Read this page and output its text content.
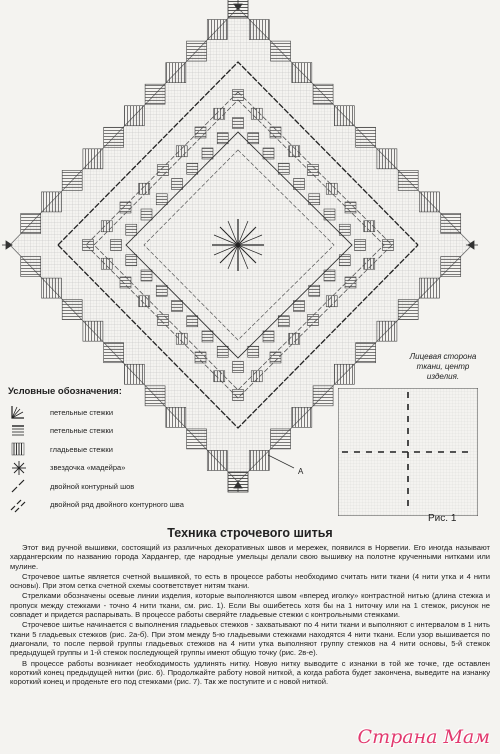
А
Условные обозначения:
петельные стежки
петельные стежки
гладьевые стежки
звездочка «мадейра»
двойной контурный шов
двойной ряд двойного контурного шва
Лицевая сторона ткани, центр изделия.
Рис. 1
Техника строчевого шитья

Этот вид ручной вышивки, состоящий из различных декоративных швов и мережек, появился в Норвегии. Его иногда называют хардангерским по названию города Хардангер, где народные умельцы делали свою вышивку на полотне крученными нитками или мулине.

Строчевое шитье является счетной вышивкой, то есть в процессе работы необходимо считать нити ткани (4 нити утка и 4 нити основы). При этом сетка счетной схемы соответствует нитям ткани.

Стрелками обозначены осевые линии изделия, которые выполняются швом «вперед иголку» контрастной нитью (длина стежка и пропуск между стежками - точно 4 нити ткани, см. рис. 1). Если Вы ошибетесь хотя бы на 1 ниточку или на 1 стежок, рисунок не совпадет и придется распарывать. В процессе работы сверяйте гладьевые стежки с контрольными стежками.

Строчевое шитье начинается с выполнения гладьевых стежков - захватывают по 4 нити ткани и выполняют с интервалом в 1 нить ткани 5 гладьевых стежков (рис. 2а-б). При этом между 5-ю гладьевыми стежками находятся 4 нити ткани. Если узор вышивается по диагонали, то после первой группы гладьевых стежков на 4 нити утка выполняют группу стежков на 4 нити основы, 5-й стежок предыдущей группы и 1-й стежок последующей группы имеют общую точку (рис. 2в-е).

В процессе работы возникает необходимость удлинять нитку. Новую нитку выводите с изнанки в той же точке, где оставлен короткий конец предыдущей нитки (рис. 6). Продолжайте работу новой ниткой, а когда работа будет закончена, выведите на изнанку короткий конец и проденьте его под стежками (рис. 7). Так же поступите и с новой ниткой.

Страна Мам
